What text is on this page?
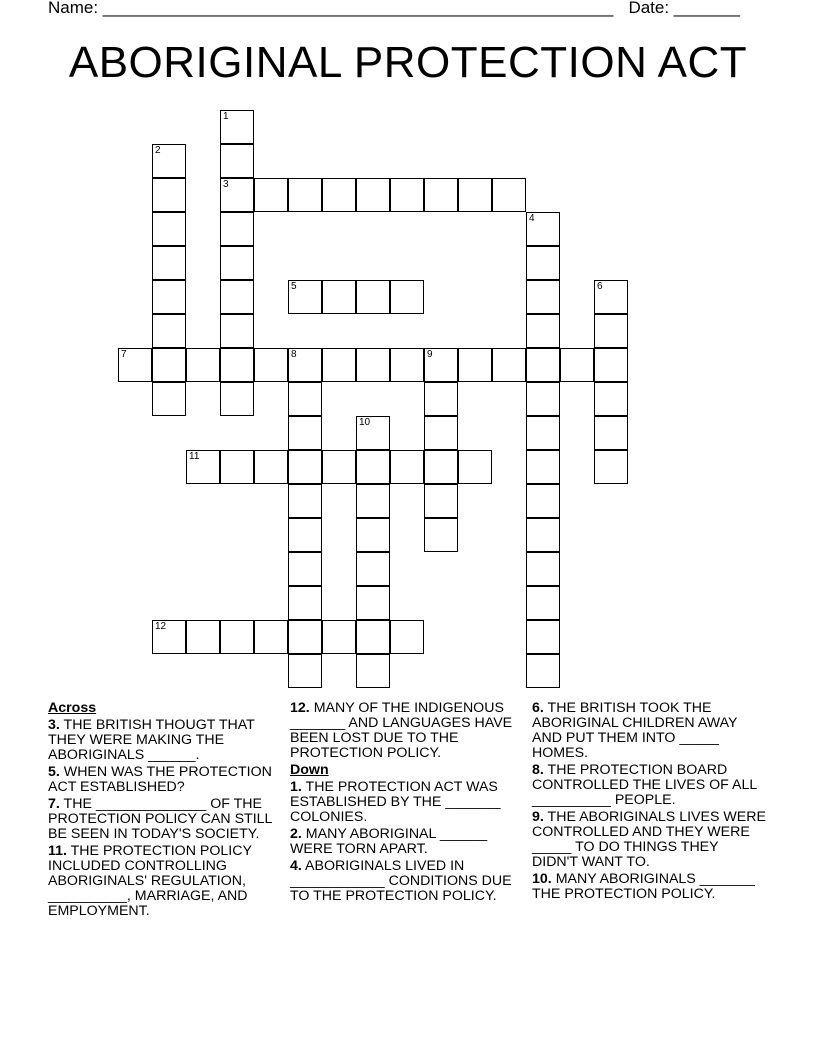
Name: ______________________________________________________ Date: _______
ABORIGINAL PROTECTION ACT
1
3
2
4
5	6
7	8	9
10
11
12
Across
3. THE BRITISH THOUGT THAT THEY WERE MAKING THE ABORIGINALS ______.
5. WHEN WAS THE PROTECTION ACT ESTABLISHED?
7. THE ______________ OF THE PROTECTION POLICY CAN STILL BE SEEN IN TODAY'S SOCIETY.
11. THE PROTECTION POLICY INCLUDED CONTROLLING ABORIGINALS' REGULATION, __________, MARRIAGE, AND EMPLOYMENT.
12. MANY OF THE INDIGENOUS _______ AND LANGUAGES HAVE BEEN LOST DUE TO THE PROTECTION POLICY.
Down
1. THE PROTECTION ACT WAS ESTABLISHED BY THE _______ COLONIES.
2. MANY ABORIGINAL ______ WERE TORN APART.
4. ABORIGINALS LIVED IN ____________ CONDITIONS DUE TO THE PROTECTION POLICY.
6. THE BRITISH TOOK THE ABORIGINAL CHILDREN AWAY AND PUT THEM INTO _____ HOMES.
8. THE PROTECTION BOARD CONTROLLED THE LIVES OF ALL __________ PEOPLE.
9. THE ABORIGINALS LIVES WERE CONTROLLED AND THEY WERE _____ TO DO THINGS THEY DIDN'T WANT TO.
10. MANY ABORIGINALS _______ THE PROTECTION POLICY.
